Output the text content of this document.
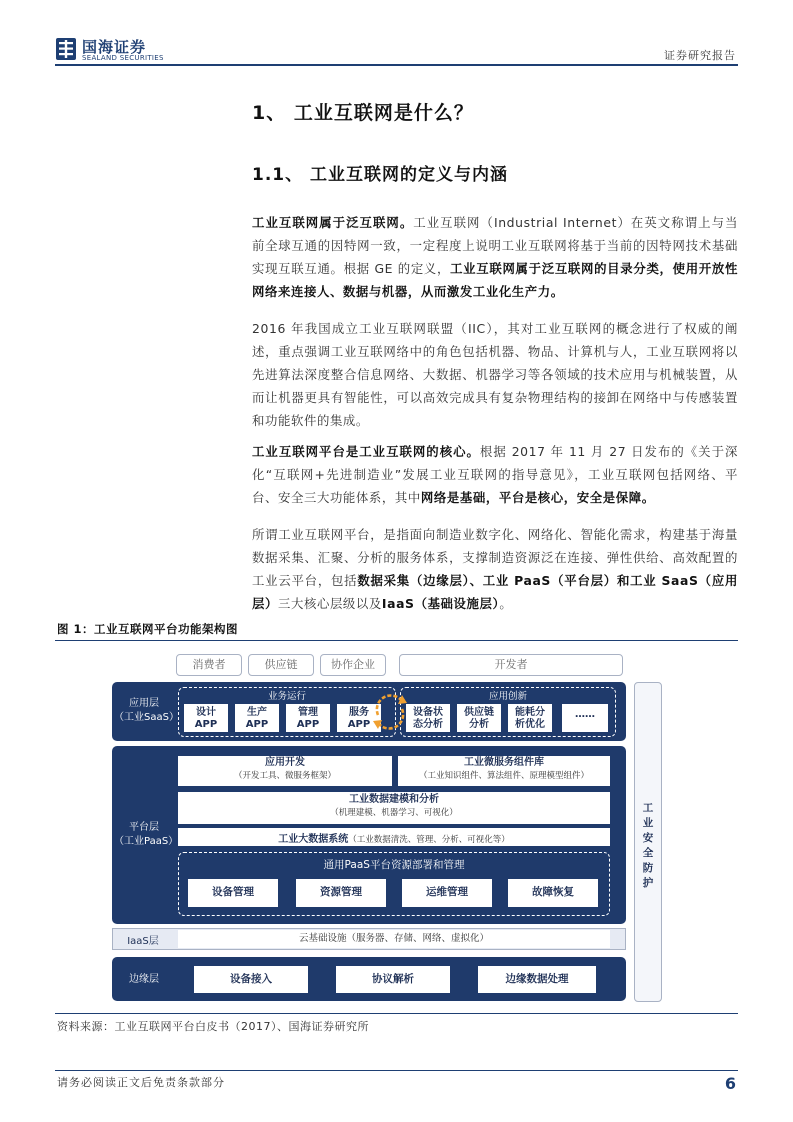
国海证券
SEALAND SECURITIES	证券研究报告
1、 工业互联网是什么？
1.1、 工业互联网的定义与内涵

工业互联网属于泛互联网。工业互联网（Industrial Internet）在英文称谓上与当前全球互通的因特网一致，一定程度上说明工业互联网将基于当前的因特网技术基础实现互联互通。根据 GE 的定义，工业互联网属于泛互联网的目录分类，使用开放性网络来连接人、数据与机器，从而激发工业化生产力。

2016 年我国成立工业互联网联盟（IIC），其对工业互联网的概念进行了权威的阐述，重点强调工业互联网络中的角色包括机器、物品、计算机与人，工业互联网将以先进算法深度整合信息网络、大数据、机器学习等各领域的技术应用与机械装置，从而让机器更具有智能性，可以高效完成具有复杂物理结构的接卸在网络中与传感装置和功能软件的集成。

工业互联网平台是工业互联网的核心。根据 2017 年 11 月 27 日发布的《关于深化“互联网+先进制造业”发展工业互联网的指导意见》，工业互联网包括网络、平台、安全三大功能体系，其中网络是基础，平台是核心，安全是保障。

所谓工业互联网平台，是指面向制造业数字化、网络化、智能化需求，构建基于海量数据采集、汇聚、分析的服务体系，支撑制造资源泛在连接、弹性供给、高效配置的工业云平台，包括数据采集（边缘层）、工业 PaaS（平台层）和工业 SaaS（应用层）三大核心层级以及IaaS（基础设施层）。

图 1：工业互联网平台功能架构图
消费者	供应链	协作企业	开发者
工业安全防护
应用层
（工业SaaS）
业务运行
设计
APP
生产
APP
管理
APP
服务
APP
应用创新
设备状
态分析
供应链
分析
能耗分
析优化
……
平台层
（工业PaaS）
应用开发
（开发工具、微服务框架）
工业微服务组件库
（工业知识组件、算法组件、原理模型组件）
工业数据建模和分析
（机理建模、机器学习、可视化）
工业大数据系统（工业数据清洗、管理、分析、可视化等）
通用PaaS平台资源部署和管理
设备管理	资源管理	运维管理	故障恢复
IaaS层	云基础设施（服务器、存储、网络、虚拟化）
边缘层	设备接入	协议解析	边缘数据处理
资料来源：工业互联网平台白皮书（2017）、国海证券研究所
请务必阅读正文后免责条款部分	6
